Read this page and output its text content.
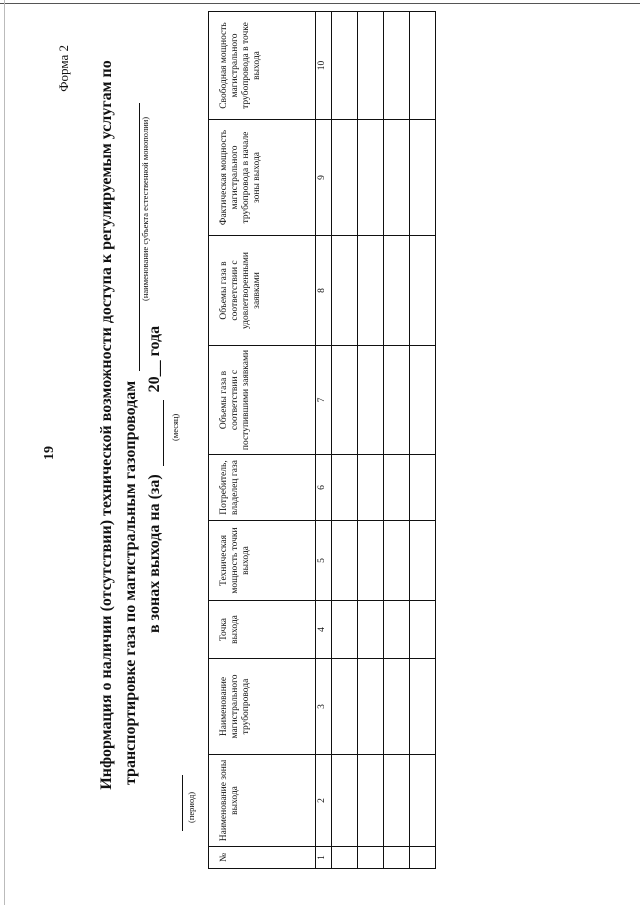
19
Форма 2 Информация о наличии (отсутствии) технической возможности доступа к регулируемым услугам по транспортировке газа по магистральным газопроводам
(наименование субъекта естественной монополии)
в зонах выхода на (за)  20__ года
(месяц)
(период)
№	Наименование зоны выхода	Наименование магистрального трубопровода	Точка выхода	Техническая мощность точки выхода	Потребитель, владелец газа	Объемы газа в соответствии с поступившими заявками	Объемы газа в соответствии с удовлетворенными заявками	Фактическая мощность магистрального трубопровода в начале зоны выхода	Свободная мощность магистрального трубопровода в точке выхода
1	2	3	4	5	6	7	8	9	10
